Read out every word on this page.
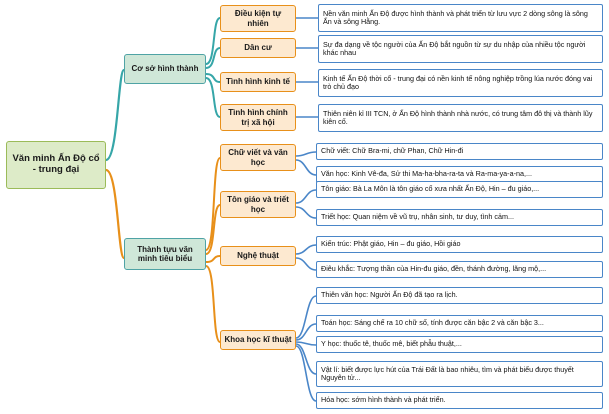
Văn minh Ấn Độ cổ - trung đại
Cơ sở hình thành
Thành tựu văn minh tiêu biểu
Điều kiện tự nhiên
Dân cư
Tình hình kinh tế
Tình hình chính trị xã hội
Chữ viết và văn học
Tôn giáo và triết học
Nghệ thuật
Khoa học kĩ thuật
Nền văn minh Ấn Độ được hình thành và phát triển từ lưu vực 2 dòng sông là sông Ấn và sông Hằng.
Sự đa dạng về tộc người của Ấn Độ bắt nguồn từ sự du nhập của nhiều tộc người khác nhau
Kinh tế Ấn Độ thời cổ - trung đại có nền kinh tế nông nghiệp trồng lúa nước đóng vai trò chủ đạo
Thiên niên kỉ III TCN, ở Ấn Độ hình thành nhà nước, có trung tâm đô thị và thành lũy kiên cố.
Chữ viết: Chữ Bra-mi, chữ Phan, Chữ Hin-đi
Văn học: Kinh Vê-đa, Sử thi Ma-ha-bha-ra-ta và Ra-ma-ya-a-na,...
Tôn giáo: Bà La Môn là tôn giáo cổ xưa nhất Ấn Độ, Hin – đu giáo,...
Triết học: Quan niệm về vũ trụ, nhân sinh, tư duy, tình cảm...
Kiến trúc: Phật giáo, Hin – đu giáo, Hồi giáo
Điêu khắc: Tượng thần của Hin-đu giáo, đền, thánh đường, lăng mộ,...
Thiên văn học: Người Ấn Độ đã tạo ra lịch.
Toán học: Sáng chế ra 10 chữ số, tính được căn bậc 2 và căn bậc 3...
Y học: thuốc tê, thuốc mê, biết phẫu thuật,...
Vật lí: biết được lực hút của Trái Đất là bao nhiêu, tìm và phát biểu được thuyết Nguyên tử...
Hóa học: sớm hình thành và phát triển.
